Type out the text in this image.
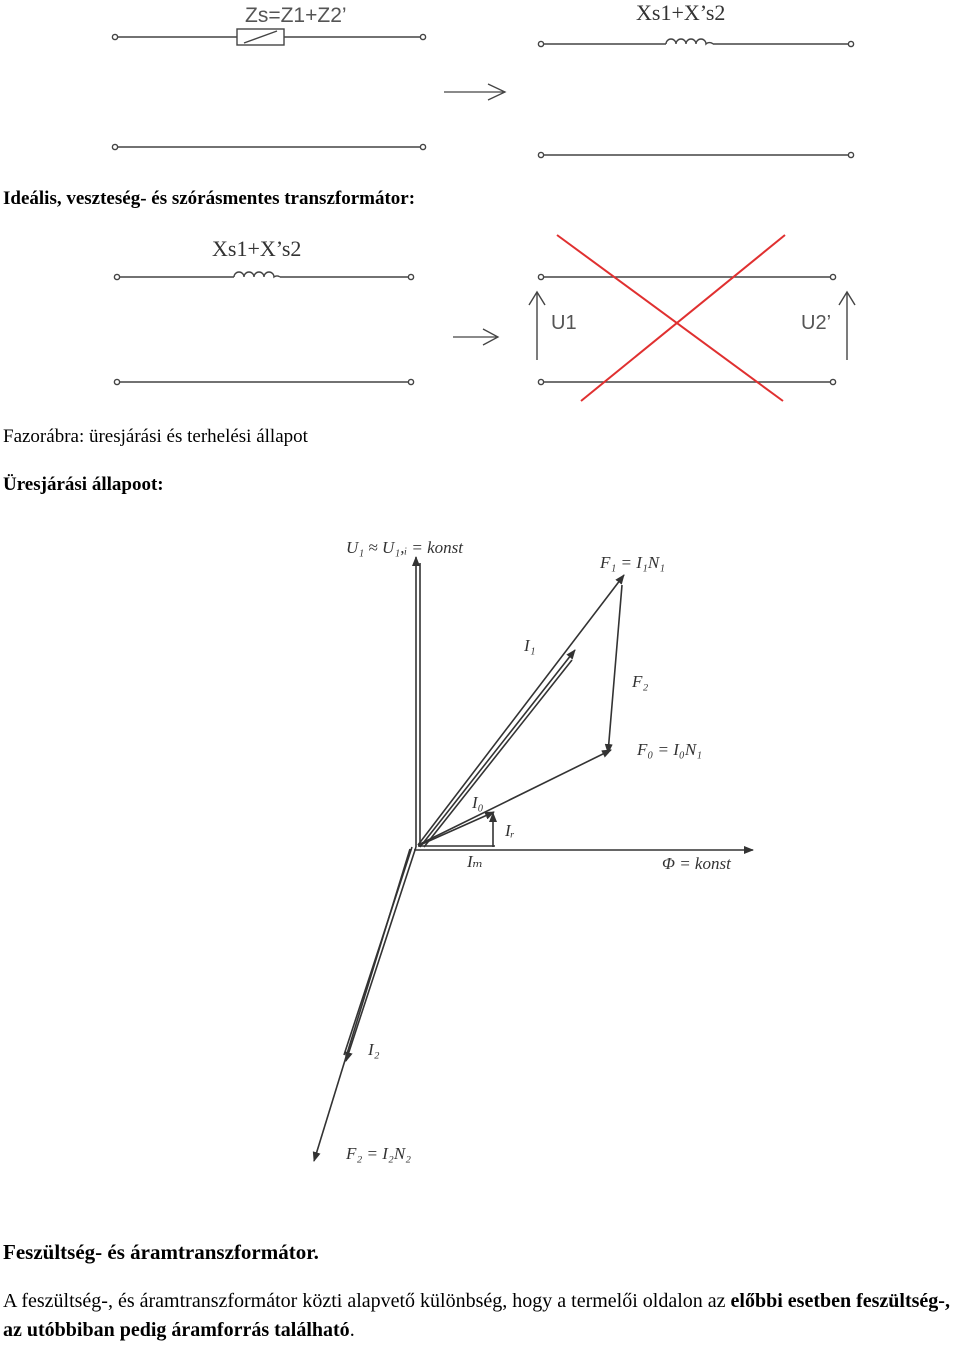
Zs=Z1+Z2’	Xs1+X’s2
Ideális, veszteség- és szórásmentes transzformátor:
Xs1+X’s2
U1	U2’
Fazorábra: üresjárási és terhelési állapot
Üresjárási állapoot:
U₁ ≈ U₁,ᵢ = konst
F₁ = I₁N₁
I₁
F₂
F₀ = I₀N₁
I₀
Iᵣ
Iₘ	Φ = konst
I₂
F₂ = I₂N₂
Feszültség- és áramtranszformátor.
A feszültség-, és áramtranszformátor közti alapvető különbség, hogy a termelői oldalon az előbbi esetben feszültség-, az utóbbiban pedig áramforrás található.
